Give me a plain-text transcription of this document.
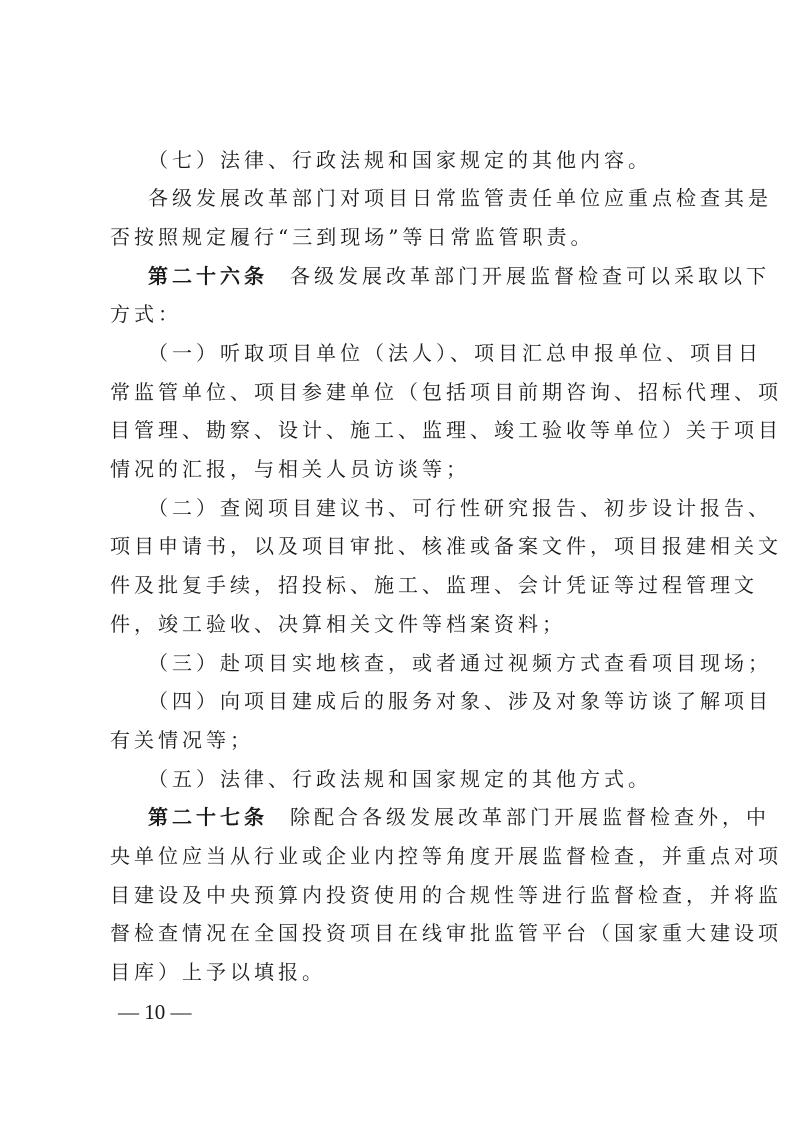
（七）法律、行政法规和国家规定的其他内容。
各级发展改革部门对项目日常监管责任单位应重点检查其是
否按照规定履行“三到现场”等日常监管职责。
第二十六条 各级发展改革部门开展监督检查可以采取以下
方式：
（一）听取项目单位（法人）、项目汇总申报单位、项目日
常监管单位、项目参建单位（包括项目前期咨询、招标代理、项
目管理、勘察、设计、施工、监理、竣工验收等单位）关于项目
情况的汇报，与相关人员访谈等；
（二）查阅项目建议书、可行性研究报告、初步设计报告、
项目申请书，以及项目审批、核准或备案文件，项目报建相关文
件及批复手续，招投标、施工、监理、会计凭证等过程管理文
件，竣工验收、决算相关文件等档案资料；
（三）赴项目实地核查，或者通过视频方式查看项目现场；
（四）向项目建成后的服务对象、涉及对象等访谈了解项目
有关情况等；
（五）法律、行政法规和国家规定的其他方式。
第二十七条 除配合各级发展改革部门开展监督检查外，中
央单位应当从行业或企业内控等角度开展监督检查，并重点对项
目建设及中央预算内投资使用的合规性等进行监督检查，并将监
督检查情况在全国投资项目在线审批监管平台（国家重大建设项
目库）上予以填报。
— 10 —
